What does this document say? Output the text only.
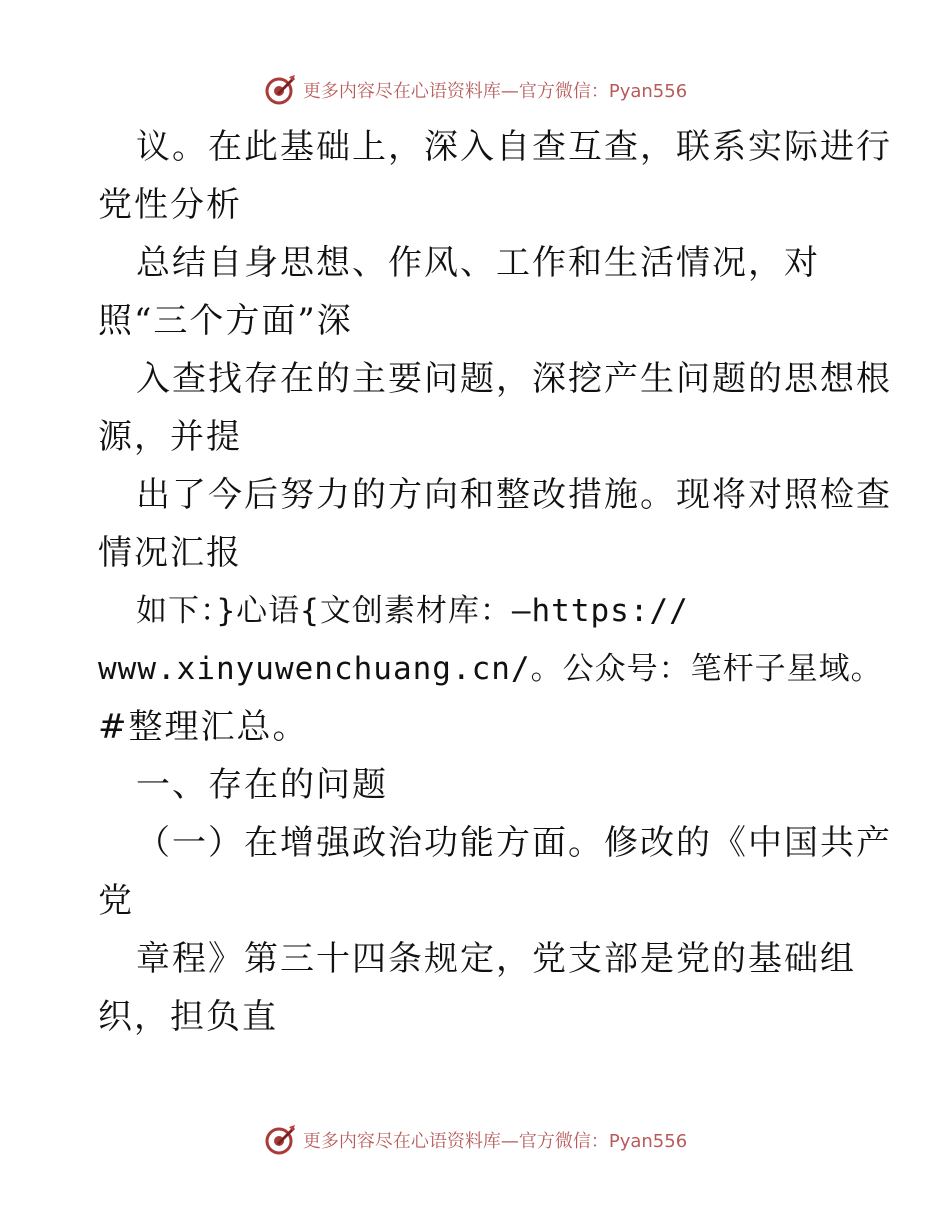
更多内容尽在心语资料库—官方微信：Pyan556
议。在此基础上，深入自查互查，联系实际进行
党性分析
总结自身思想、作风、工作和生活情况，对
照“三个方面”深
入查找存在的主要问题，深挖产生问题的思想根
源，并提
出了今后努力的方向和整改措施。现将对照检查
情况汇报
如下：}心语{文创素材库：—https://
www.xinyuwenchuang.cn/。公众号：笔杆子星域。
#整理汇总。
一、存在的问题
（一）在增强政治功能方面。修改的《中国共产
党
章程》第三十四条规定，党支部是党的基础组
织，担负直
更多内容尽在心语资料库—官方微信：Pyan556
